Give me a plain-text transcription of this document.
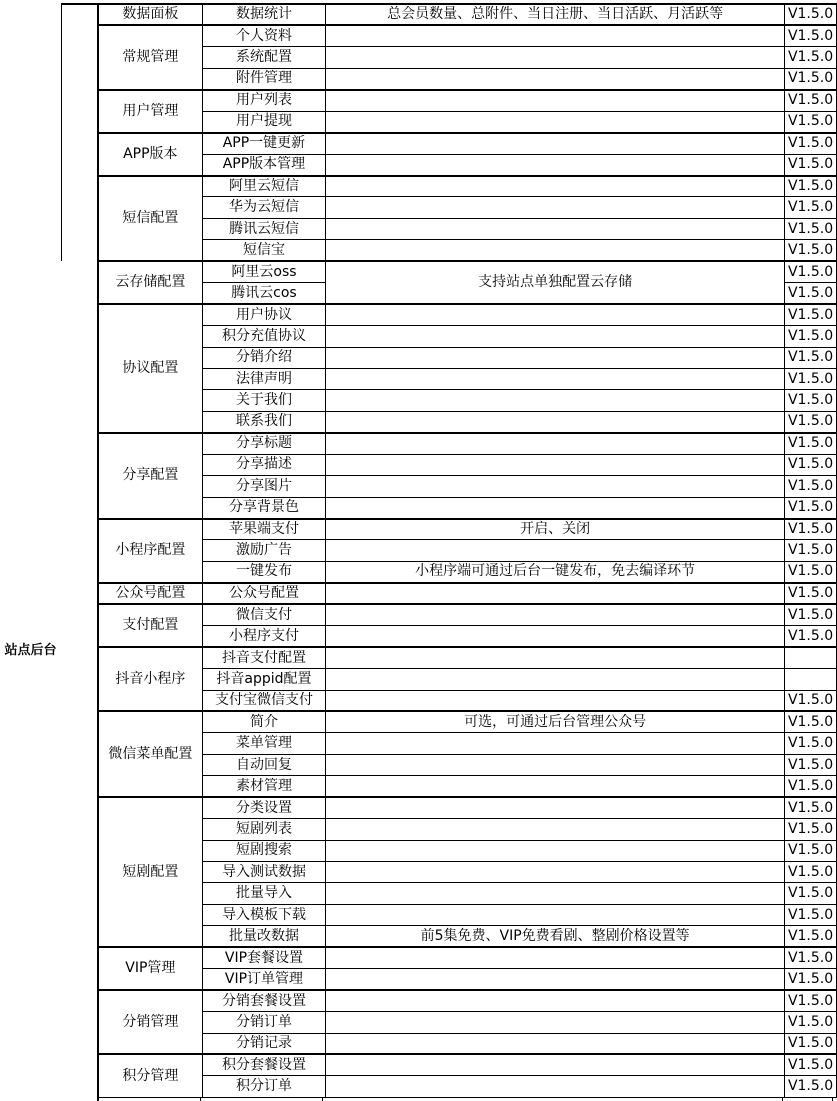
站点后台
数据面板	数据统计	总会员数量、总附件、当日注册、当日活跃、月活跃等	V1.5.0
常规管理	个人资料		V1.5.0
	系统配置		V1.5.0
	附件管理		V1.5.0
用户管理	用户列表		V1.5.0
	用户提现		V1.5.0
APP版本	APP一键更新		V1.5.0
	APP版本管理		V1.5.0
短信配置	阿里云短信		V1.5.0
	华为云短信		V1.5.0
	腾讯云短信		V1.5.0
	短信宝		V1.5.0
云存储配置	阿里云oss	支持站点单独配置云存储	V1.5.0
	腾讯云cos		V1.5.0
协议配置	用户协议		V1.5.0
	积分充值协议		V1.5.0
	分销介绍		V1.5.0
	法律声明		V1.5.0
	关于我们		V1.5.0
	联系我们		V1.5.0
分享配置	分享标题		V1.5.0
	分享描述		V1.5.0
	分享图片		V1.5.0
	分享背景色		V1.5.0
小程序配置	苹果端支付	开启、关闭	V1.5.0
	激励广告		V1.5.0
	一键发布	小程序端可通过后台一键发布，免去编译环节	V1.5.0
公众号配置	公众号配置		V1.5.0
支付配置	微信支付		V1.5.0
	小程序支付		V1.5.0
抖音小程序	抖音支付配置		
	抖音appid配置		
	支付宝微信支付		V1.5.0
微信菜单配置	简介	可选，可通过后台管理公众号	V1.5.0
	菜单管理		V1.5.0
	自动回复		V1.5.0
	素材管理		V1.5.0
短剧配置	分类设置		V1.5.0
	短剧列表		V1.5.0
	短剧搜索		V1.5.0
	导入测试数据		V1.5.0
	批量导入		V1.5.0
	导入模板下载		V1.5.0
	批量改数据	前5集免费、VIP免费看剧、整剧价格设置等	V1.5.0
VIP管理	VIP套餐设置		V1.5.0
	VIP订单管理		V1.5.0
分销管理	分销套餐设置		V1.5.0
	分销订单		V1.5.0
	分销记录		V1.5.0
积分管理	积分套餐设置		V1.5.0
	积分订单		V1.5.0
